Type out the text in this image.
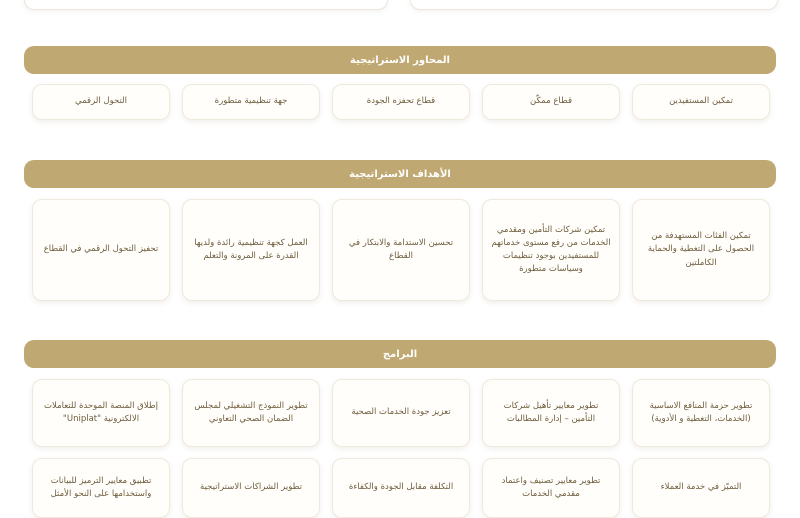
المحاور الاستراتيجية
تمكين المستفيدين
قطاع ممكّن
قطاع تحفزه الجودة
جهة تنظيمية متطورة
التحول الرقمي
الأهداف الاستراتيجية
تمكين الفئات المستهدفة من الحصول على التغطية والحماية الكاملتين
تمكين شركات التأمين ومقدمي الخدمات من رفع مستوى خدماتهم للمستفيدين بوجود تنظيمات وسياسات متطورة
تحسين الاستدامة والابتكار في القطاع
العمل كجهة تنظيمية رائدة ولديها القدرة على المرونة والتعلم
تحفيز التحول الرقمي في القطاع
البرامج
تطوير حزمة المنافع الاساسية (الخدمات، التغطية و الأدوية)
تطوير معايير تأهيل شركات التأمين – إدارة المطالبات
تعزيز جودة الخدمات الصحية
تطوير النموذج التشغيلي لمجلس الضمان الصحي التعاوني
إطلاق المنصة الموحدة للتعاملات الالكترونية "Uniplat"
التميّز في خدمة العملاء
تطوير معايير تصنيف واعتماد مقدمي الخدمات
التكلفة مقابل الجودة والكفاءة
تطوير الشراكات الاستراتيجية
تطبيق معايير الترميز للبيانات واستخدامها على النحو الأمثل
